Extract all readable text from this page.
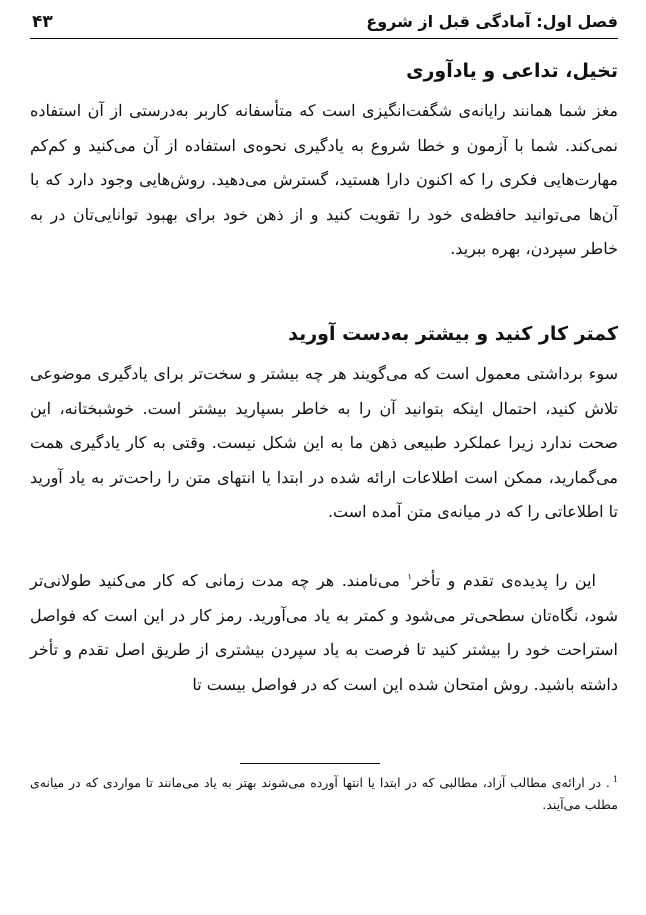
فصل اول: آمادگی قبل از شروع
۴۳
تخیل، تداعی و یادآوری

مغز شما همانند رایانه‌ی شگفت‌انگیزی است که متأسفانه کاربر به‌درستی از آن استفاده نمی‌کند. شما با آزمون و خطا شروع به یادگیری نحوه‌ی استفاده از آن می‌کنید و کم‌کم مهارت‌هایی فکری را که اکنون دارا هستید، گسترش می‌دهید. روش‌هایی وجود دارد که با آن‌ها می‌توانید حافظه‌ی خود را تقویت کنید و از ذهن خود برای بهبود توانایی‌تان در به خاطر سپردن، بهره ببرید.

کمتر کار کنید و بیشتر به‌دست آورید

سوء برداشتی معمول است که می‌گویند هر چه بیشتر و سخت‌تر برای یادگیری موضوعی تلاش کنید، احتمال اینکه بتوانید آن را به خاطر بسپارید بیشتر است. خوشبختانه، این صحت ندارد زیرا عملکرد طبیعی ذهن ما به این شکل نیست. وقتی به کار یادگیری همت می‌گمارید، ممکن است اطلاعات ارائه شده در ابتدا یا انتهای متن را راحت‌تر به یاد آورید تا اطلاعاتی را که در میانه‌ی متن آمده است.

این را پدیده‌ی تقدم و تأخر$^۱$ می‌نامند. هر چه مدت زمانی که کار می‌کنید طولانی‌تر شود، نگاه‌تان سطحی‌تر می‌شود و کمتر به یاد می‌آورید. رمز کار در این است که فواصل استراحت خود را بیشتر کنید تا فرصت به یاد سپردن بیشتری از طریق اصل تقدم و تأخر داشته باشید. روش امتحان شده این است که در فواصل بیست تا

$^1$. در ارائه‌ی مطالب آزاد، مطالبی که در ابتدا یا انتها آورده می‌شوند بهتر به یاد می‌مانند تا مواردی که در میانه‌ی مطلب می‌آیند.
